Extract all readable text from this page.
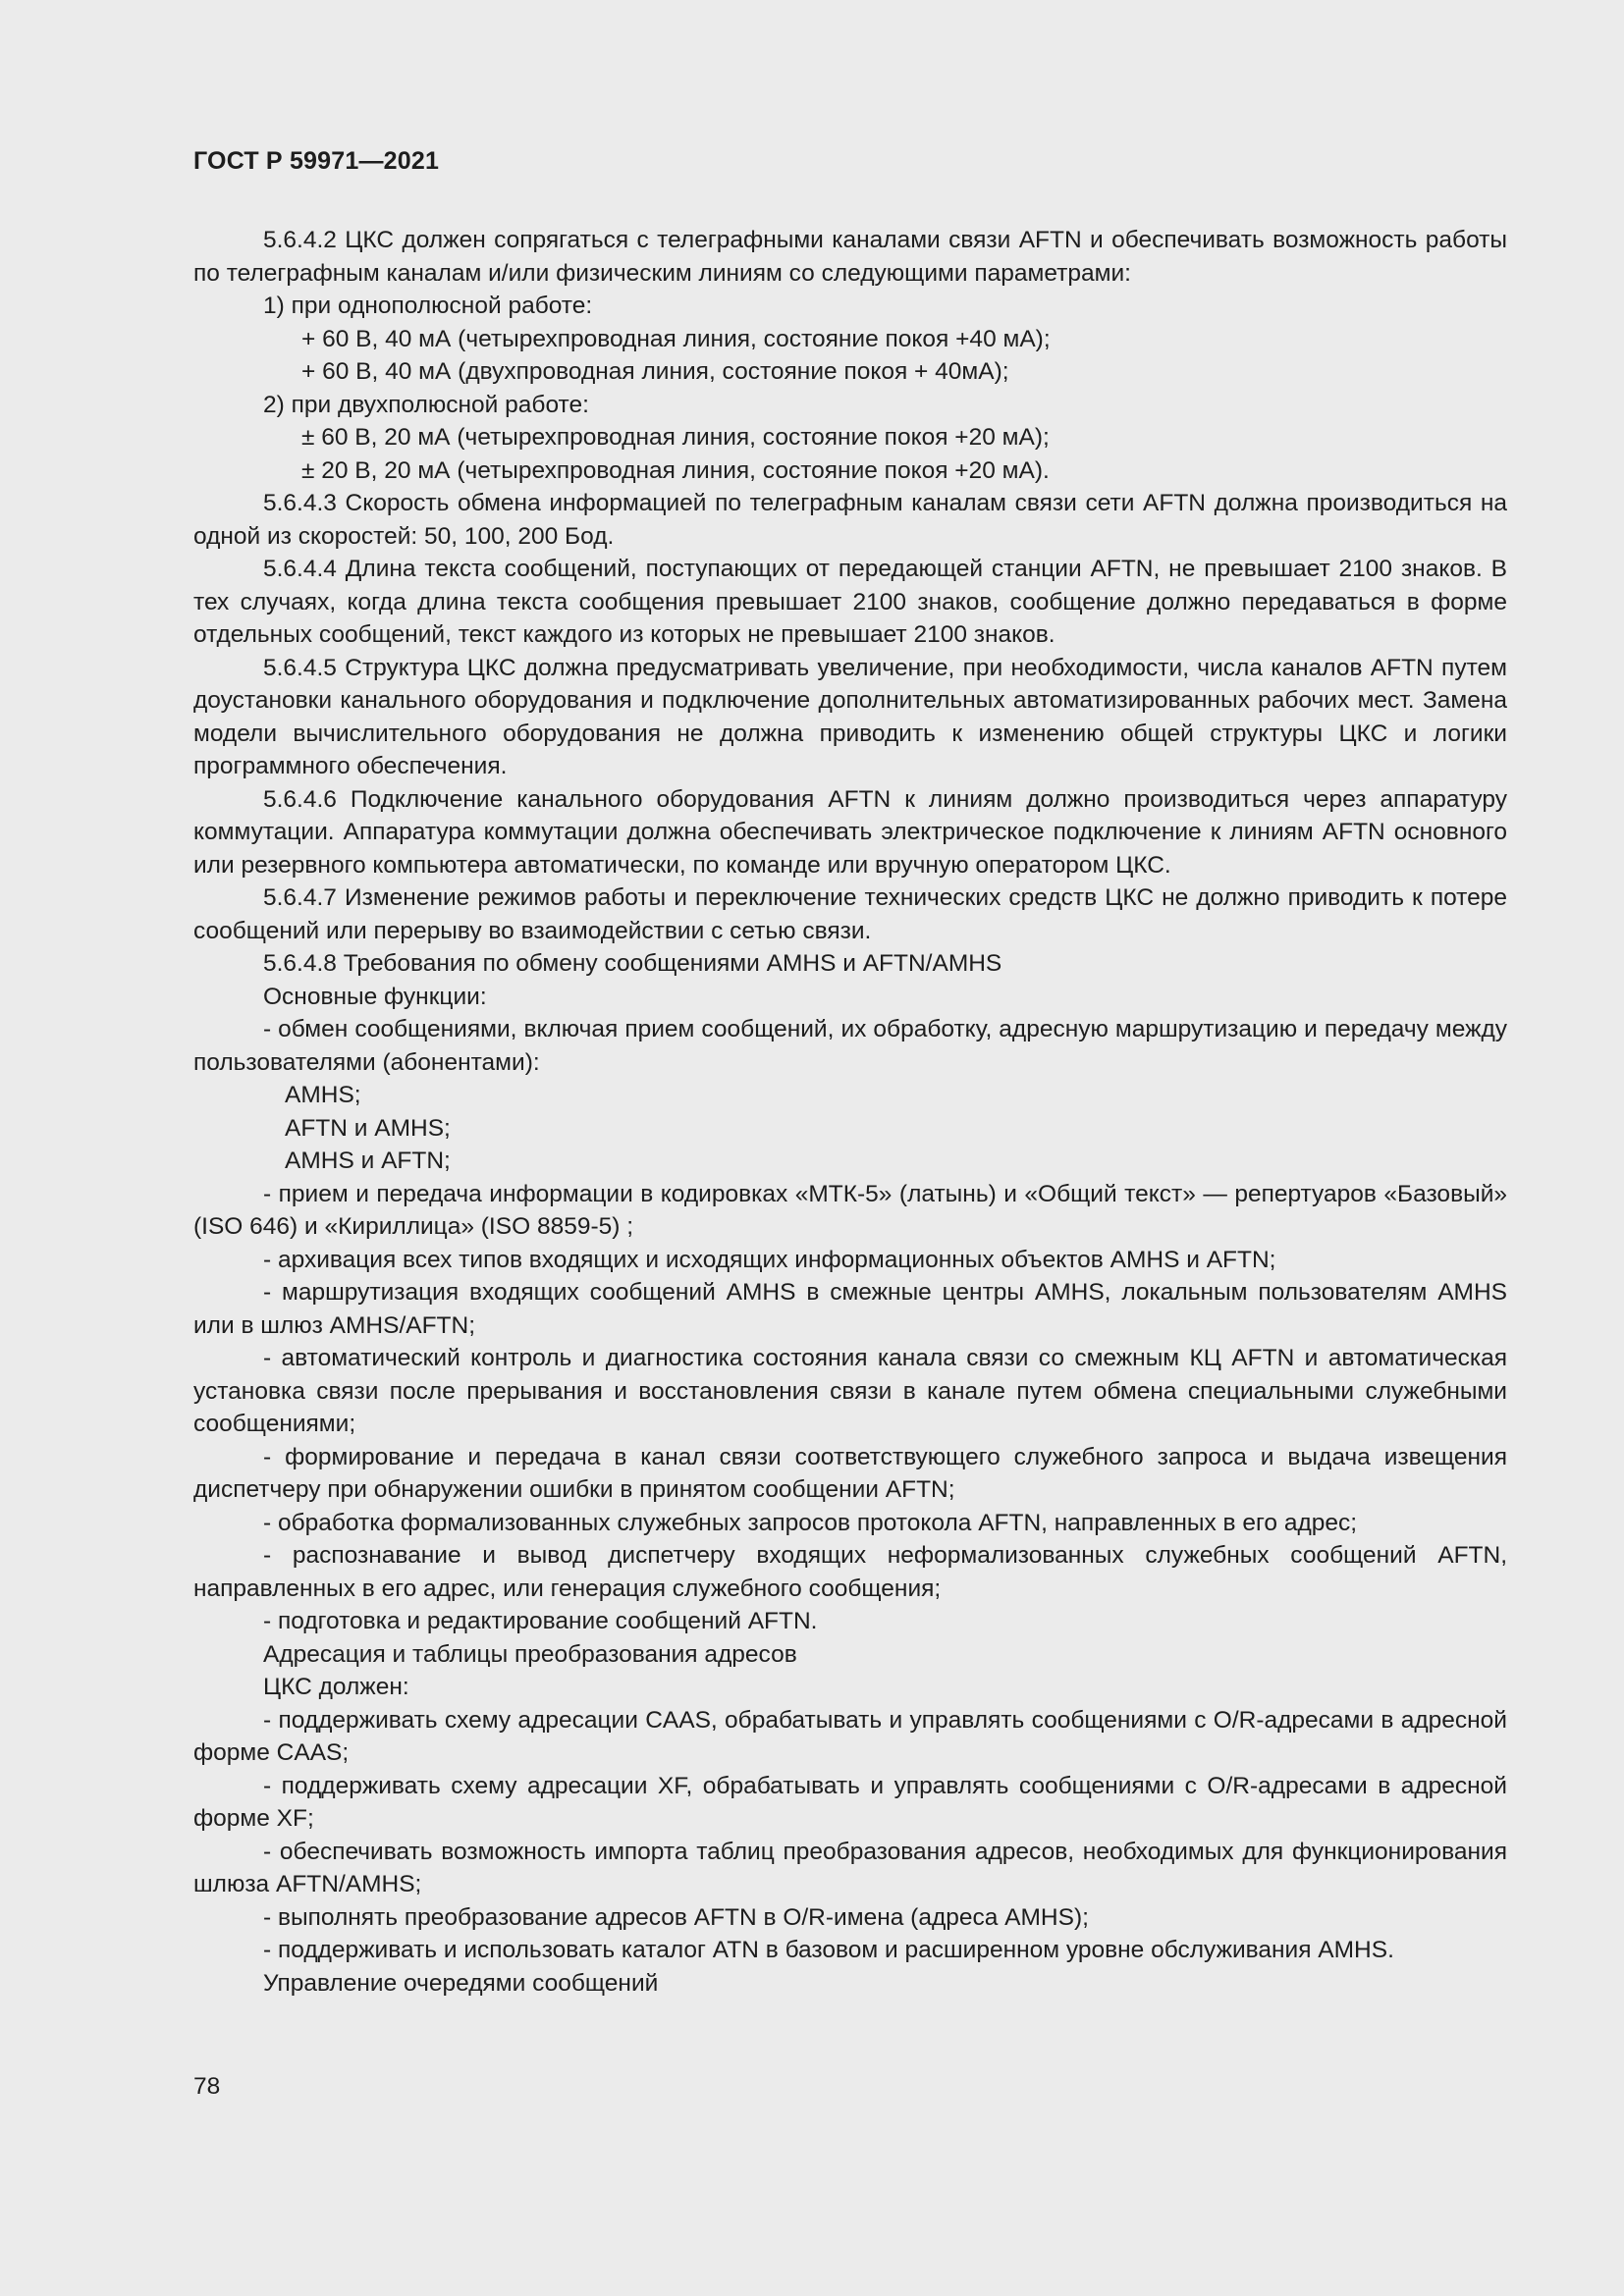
ГОСТ Р 59971—2021

5.6.4.2 ЦКС должен сопрягаться с телеграфными каналами связи AFTN и обеспечивать возможность работы по телеграфным каналам и/или физическим линиям со следующими параметрами:

1) при однополюсной работе:

+ 60 В, 40 мА (четырехпроводная линия, состояние покоя +40 мА);

+ 60 В, 40 мА (двухпроводная линия, состояние покоя + 40мА);

2) при двухполюсной работе:

± 60 В, 20 мА (четырехпроводная линия, состояние покоя +20 мА);

± 20 В, 20 мА (четырехпроводная линия, состояние покоя +20 мА).

5.6.4.3 Скорость обмена информацией по телеграфным каналам связи сети AFTN должна производиться на одной из скоростей: 50, 100, 200 Бод.

5.6.4.4 Длина текста сообщений, поступающих от передающей станции AFTN, не превышает 2100 знаков. В тех случаях, когда длина текста сообщения превышает 2100 знаков, сообщение должно передаваться в форме отдельных сообщений, текст каждого из которых не превышает 2100 знаков.

5.6.4.5 Структура ЦКС должна предусматривать увеличение, при необходимости, числа каналов AFTN путем доустановки канального оборудования и подключение дополнительных автоматизированных рабочих мест. Замена модели вычислительного оборудования не должна приводить к изменению общей структуры ЦКС и логики программного обеспечения.

5.6.4.6 Подключение канального оборудования AFTN к линиям должно производиться через аппаратуру коммутации. Аппаратура коммутации должна обеспечивать электрическое подключение к линиям AFTN основного или резервного компьютера автоматически, по команде или вручную оператором ЦКС.

5.6.4.7 Изменение режимов работы и переключение технических средств ЦКС не должно приводить к потере сообщений или перерыву во взаимодействии с сетью связи.

5.6.4.8 Требования по обмену сообщениями AMHS и AFTN/AMHS

Основные функции:

- обмен сообщениями, включая прием сообщений, их обработку, адресную маршрутизацию и передачу между пользователями (абонентами):

AMHS;

AFTN и AMHS;

AMHS и AFTN;

- прием и передача информации в кодировках «МТК-5» (латынь) и «Общий текст» — репертуаров «Базовый» (ISO 646) и «Кириллица» (ISO 8859-5) ;

- архивация всех типов входящих и исходящих информационных объектов AMHS и AFTN;

- маршрутизация входящих сообщений AMHS в смежные центры AMHS, локальным пользователям AMHS или в шлюз AMHS/AFTN;

- автоматический контроль и диагностика состояния канала связи со смежным КЦ AFTN и автоматическая установка связи после прерывания и восстановления связи в канале путем обмена специальными служебными сообщениями;

- формирование и передача в канал связи соответствующего служебного запроса и выдача извещения диспетчеру при обнаружении ошибки в принятом сообщении AFTN;

- обработка формализованных служебных запросов протокола AFTN, направленных в его адрес;

- распознавание и вывод диспетчеру входящих неформализованных служебных сообщений AFTN, направленных в его адрес, или генерация служебного сообщения;

- подготовка и редактирование сообщений AFTN.

Адресация и таблицы преобразования адресов

ЦКС должен:

- поддерживать схему адресации CAAS, обрабатывать и управлять сообщениями с O/R-адресами в адресной форме CAAS;

- поддерживать схему адресации XF, обрабатывать и управлять сообщениями с O/R-адресами в адресной форме XF;

- обеспечивать возможность импорта таблиц преобразования адресов, необходимых для функционирования шлюза AFTN/AMHS;

- выполнять преобразование адресов AFTN в O/R-имена (адреса AMHS);

- поддерживать и использовать каталог ATN в базовом и расширенном уровне обслуживания AMHS.

Управление очередями сообщений

78
